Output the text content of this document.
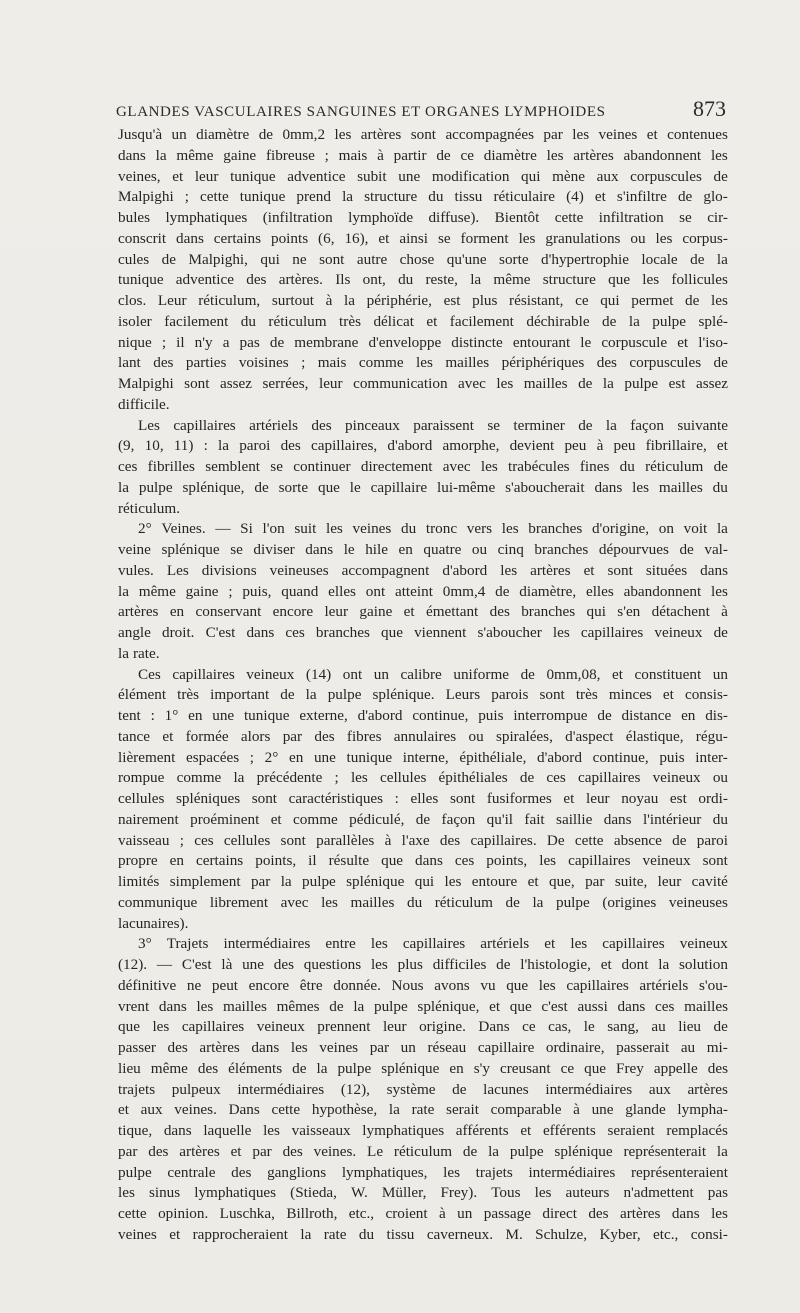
GLANDES VASCULAIRES SANGUINES ET ORGANES LYMPHOIDES	873
Jusqu'à un diamètre de 0mm,2 les artères sont accompagnées par les veines et contenues
dans la même gaine fibreuse ; mais à partir de ce diamètre les artères abandonnent les
veines, et leur tunique adventice subit une modification qui mène aux corpuscules de
Malpighi ; cette tunique prend la structure du tissu réticulaire (4) et s'infiltre de glo-
bules lymphatiques (infiltration lymphoïde diffuse). Bientôt cette infiltration se cir-
conscrit dans certains points (6, 16), et ainsi se forment les granulations ou les corpus-
cules de Malpighi, qui ne sont autre chose qu'une sorte d'hypertrophie locale de la
tunique adventice des artères. Ils ont, du reste, la même structure que les follicules
clos. Leur réticulum, surtout à la périphérie, est plus résistant, ce qui permet de les
isoler facilement du réticulum très délicat et facilement déchirable de la pulpe splé-
nique ; il n'y a pas de membrane d'enveloppe distincte entourant le corpuscule et l'iso-
lant des parties voisines ; mais comme les mailles périphériques des corpuscules de
Malpighi sont assez serrées, leur communication avec les mailles de la pulpe est assez
difficile.
Les capillaires artériels des pinceaux paraissent se terminer de la façon suivante
(9, 10, 11) : la paroi des capillaires, d'abord amorphe, devient peu à peu fibrillaire, et
ces fibrilles semblent se continuer directement avec les trabécules fines du réticulum de
la pulpe splénique, de sorte que le capillaire lui-même s'aboucherait dans les mailles du
réticulum.
2° Veines. — Si l'on suit les veines du tronc vers les branches d'origine, on voit la
veine splénique se diviser dans le hile en quatre ou cinq branches dépourvues de val-
vules. Les divisions veineuses accompagnent d'abord les artères et sont situées dans
la même gaine ; puis, quand elles ont atteint 0mm,4 de diamètre, elles abandonnent les
artères en conservant encore leur gaine et émettant des branches qui s'en détachent à
angle droit. C'est dans ces branches que viennent s'aboucher les capillaires veineux de
la rate.
Ces capillaires veineux (14) ont un calibre uniforme de 0mm,08, et constituent un
élément très important de la pulpe splénique. Leurs parois sont très minces et consis-
tent : 1° en une tunique externe, d'abord continue, puis interrompue de distance en dis-
tance et formée alors par des fibres annulaires ou spiralées, d'aspect élastique, régu-
lièrement espacées ; 2° en une tunique interne, épithéliale, d'abord continue, puis inter-
rompue comme la précédente ; les cellules épithéliales de ces capillaires veineux ou
cellules spléniques sont caractéristiques : elles sont fusiformes et leur noyau est ordi-
nairement proéminent et comme pédiculé, de façon qu'il fait saillie dans l'intérieur du
vaisseau ; ces cellules sont parallèles à l'axe des capillaires. De cette absence de paroi
propre en certains points, il résulte que dans ces points, les capillaires veineux sont
limités simplement par la pulpe splénique qui les entoure et que, par suite, leur cavité
communique librement avec les mailles du réticulum de la pulpe (origines veineuses
lacunaires).
3° Trajets intermédiaires entre les capillaires artériels et les capillaires veineux
(12). — C'est là une des questions les plus difficiles de l'histologie, et dont la solution
définitive ne peut encore être donnée. Nous avons vu que les capillaires artériels s'ou-
vrent dans les mailles mêmes de la pulpe splénique, et que c'est aussi dans ces mailles
que les capillaires veineux prennent leur origine. Dans ce cas, le sang, au lieu de
passer des artères dans les veines par un réseau capillaire ordinaire, passerait au mi-
lieu même des éléments de la pulpe splénique en s'y creusant ce que Frey appelle des
trajets pulpeux intermédiaires (12), système de lacunes intermédiaires aux artères
et aux veines. Dans cette hypothèse, la rate serait comparable à une glande lympha-
tique, dans laquelle les vaisseaux lymphatiques afférents et efférents seraient remplacés
par des artères et par des veines. Le réticulum de la pulpe splénique représenterait la
pulpe centrale des ganglions lymphatiques, les trajets intermédiaires représenteraient
les sinus lymphatiques (Stieda, W. Müller, Frey). Tous les auteurs n'admettent pas
cette opinion. Luschka, Billroth, etc., croient à un passage direct des artères dans les
veines et rapprocheraient la rate du tissu caverneux. M. Schulze, Kyber, etc., consi-
